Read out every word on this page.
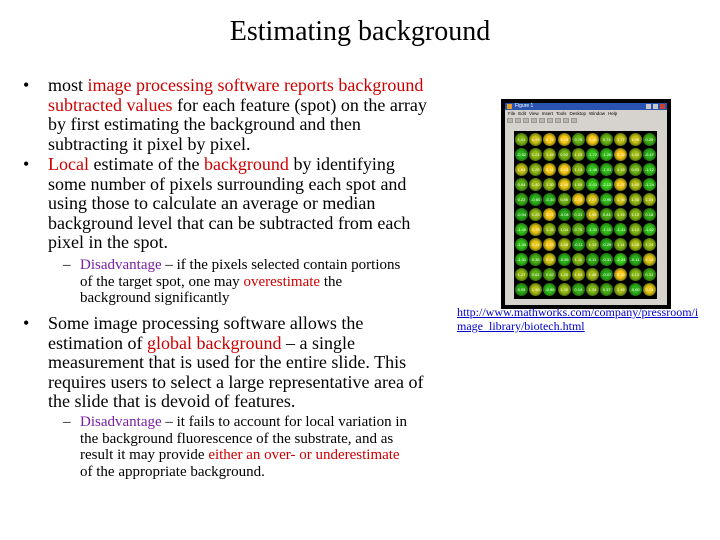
Estimating background
• most image processing software reports background
subtracted values for each feature (spot) on the array
by first estimating the background and then
subtracting it pixel by pixel.
• Local estimate of the background by identifying
some number of pixels surrounding each spot and
using those to calculate an average or median
background level that can be subtracted from each
pixel in the spot.
– Disadvantage – if the pixels selected contain portions
of the target spot, one may overestimate the
background significantly
• Some image processing software allows the
estimation of global background – a single
measurement that is used for the entire slide. This
requires users to select a large representative area of
the slide that is devoid of features.
– Disadvantage – it fails to account for local variation in
the background fluorescence of the substrate, and as
result it may provide either an over- or underestimate
of the appropriate background.
Figure 1
File Edit View Insert Tools Desktop Window Help
1.01	1.93	4.72	3.94	0.75	3.40	0.74	1.77	1.90	0.25
-0.52	1.21	1.45	0.92	1.25	-1.72	-1.26	3.02	1.40	-0.47
1.84	1.25	3.41	2.63	1.14	-1.46	-1.01	1.15	0.83	-1.12
0.64	1.40	1.30	2.30	1.05	-2.01	-2.13	2.37	1.60	-1.24
0.22	-0.50	-0.30	0.86	2.43	2.07	-0.90	1.95	1.36	1.54
-0.04	1.25	3.07	-0.04	0.31	1.95	0.44	1.16	1.13	0.18
-1.40	2.25	1.26	1.04	0.70	-1.31	-1.10	-1.41	1.10	-1.62
-1.44	2.24	2.42	1.58	-0.11	1.13	-0.25	1.11	1.56	1.24
-1.31	0.36	2.05	-0.55	1.11	0.11	-0.31	-2.24	-0.11	2.14
1.27	0.61	0.62	1.26	1.54	1.48	-0.07	3.40	1.13	0.31
0.05	1.56	-0.98	1.30	0.14	1.04	0.37	1.45	-0.60	2.24
http://www.mathworks.com/company/pressroom/image_library/biotech.html
